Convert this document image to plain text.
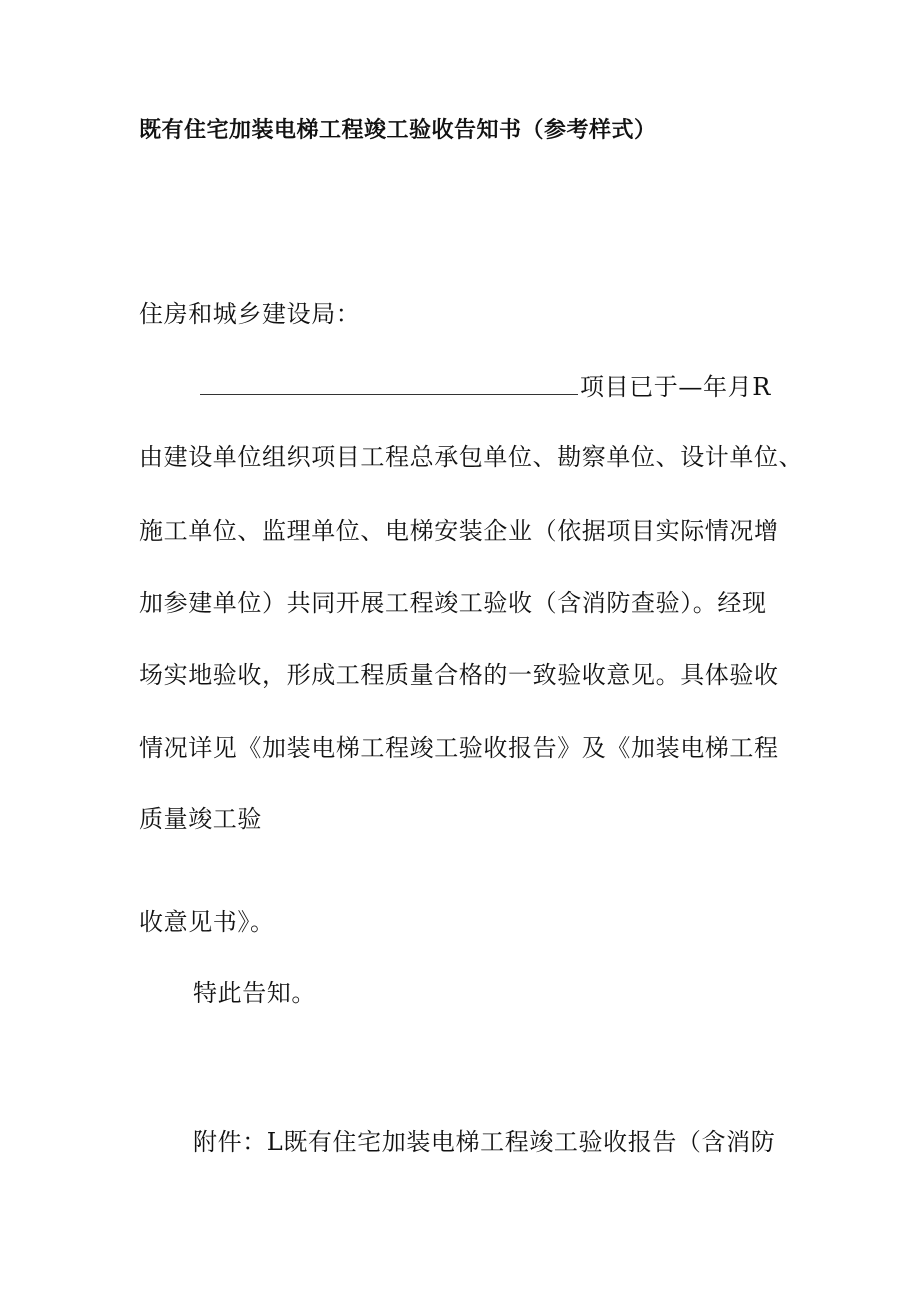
既有住宅加装电梯工程竣工验收告知书（参考样式）
住房和城乡建设局：
项目已于—年月R
由建设单位组织项目工程总承包单位、勘察单位、设计单位、
施工单位、监理单位、电梯安装企业（依据项目实际情况增
加参建单位）共同开展工程竣工验收（含消防查验）。经现
场实地验收，形成工程质量合格的一致验收意见。具体验收
情况详见《加装电梯工程竣工验收报告》及《加装电梯工程
质量竣工验
收意见书》。
特此告知。
附件：L既有住宅加装电梯工程竣工验收报告（含消防
